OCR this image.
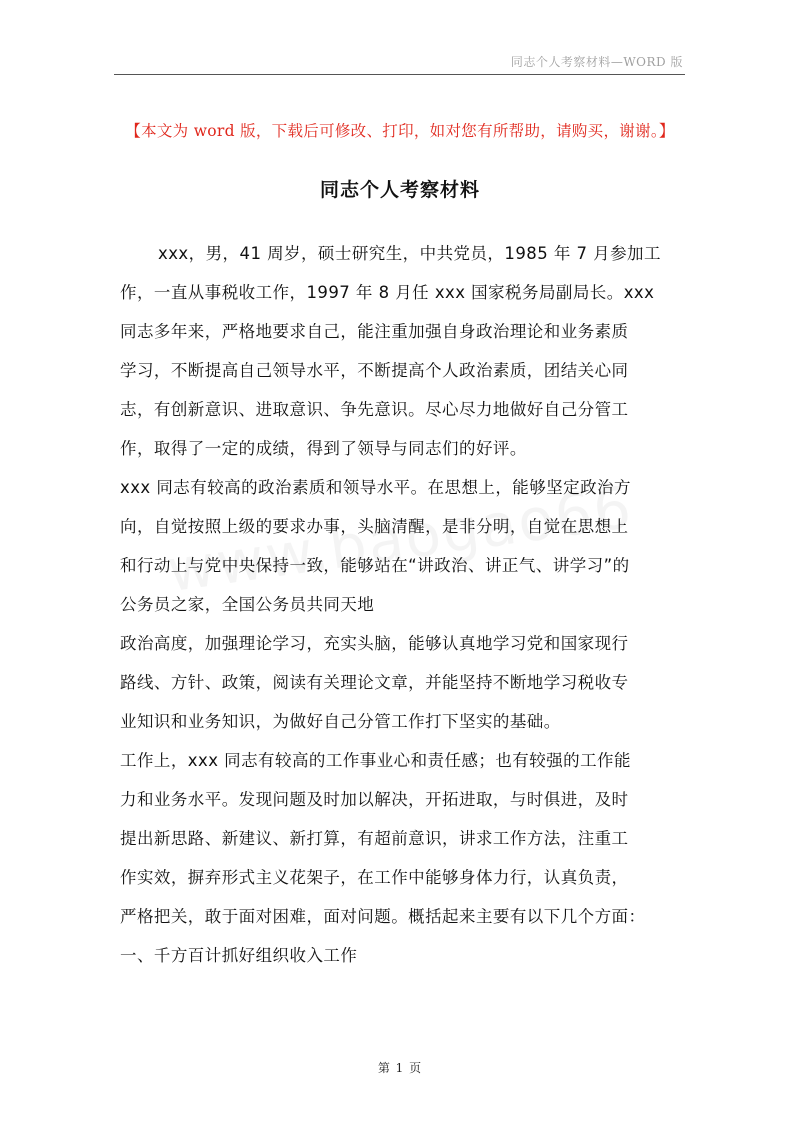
同志个人考察材料—WORD 版
【本文为 word 版，下载后可修改、打印，如对您有所帮助，请购买，谢谢。】
同志个人考察材料
xxx，男，41 周岁，硕士研究生，中共党员，1985 年 7 月参加工
作，一直从事税收工作，1997 年 8 月任 xxx 国家税务局副局长。xxx
同志多年来，严格地要求自己，能注重加强自身政治理论和业务素质
学习，不断提高自己领导水平，不断提高个人政治素质，团结关心同
志，有创新意识、进取意识、争先意识。尽心尽力地做好自己分管工
作，取得了一定的成绩，得到了领导与同志们的好评。
xxx 同志有较高的政治素质和领导水平。在思想上，能够坚定政治方
向，自觉按照上级的要求办事，头脑清醒，是非分明，自觉在思想上
和行动上与党中央保持一致，能够站在“讲政治、讲正气、讲学习”的
公务员之家，全国公务员共同天地
政治高度，加强理论学习，充实头脑，能够认真地学习党和国家现行
路线、方针、政策，阅读有关理论文章，并能坚持不断地学习税收专
业知识和业务知识，为做好自己分管工作打下坚实的基础。
工作上，xxx 同志有较高的工作事业心和责任感；也有较强的工作能
力和业务水平。发现问题及时加以解决，开拓进取，与时俱进，及时
提出新思路、新建议、新打算，有超前意识，讲求工作方法，注重工
作实效，摒弃形式主义花架子，在工作中能够身体力行，认真负责，
严格把关，敢于面对困难，面对问题。概括起来主要有以下几个方面：
一、千方百计抓好组织收入工作
第 1 页
